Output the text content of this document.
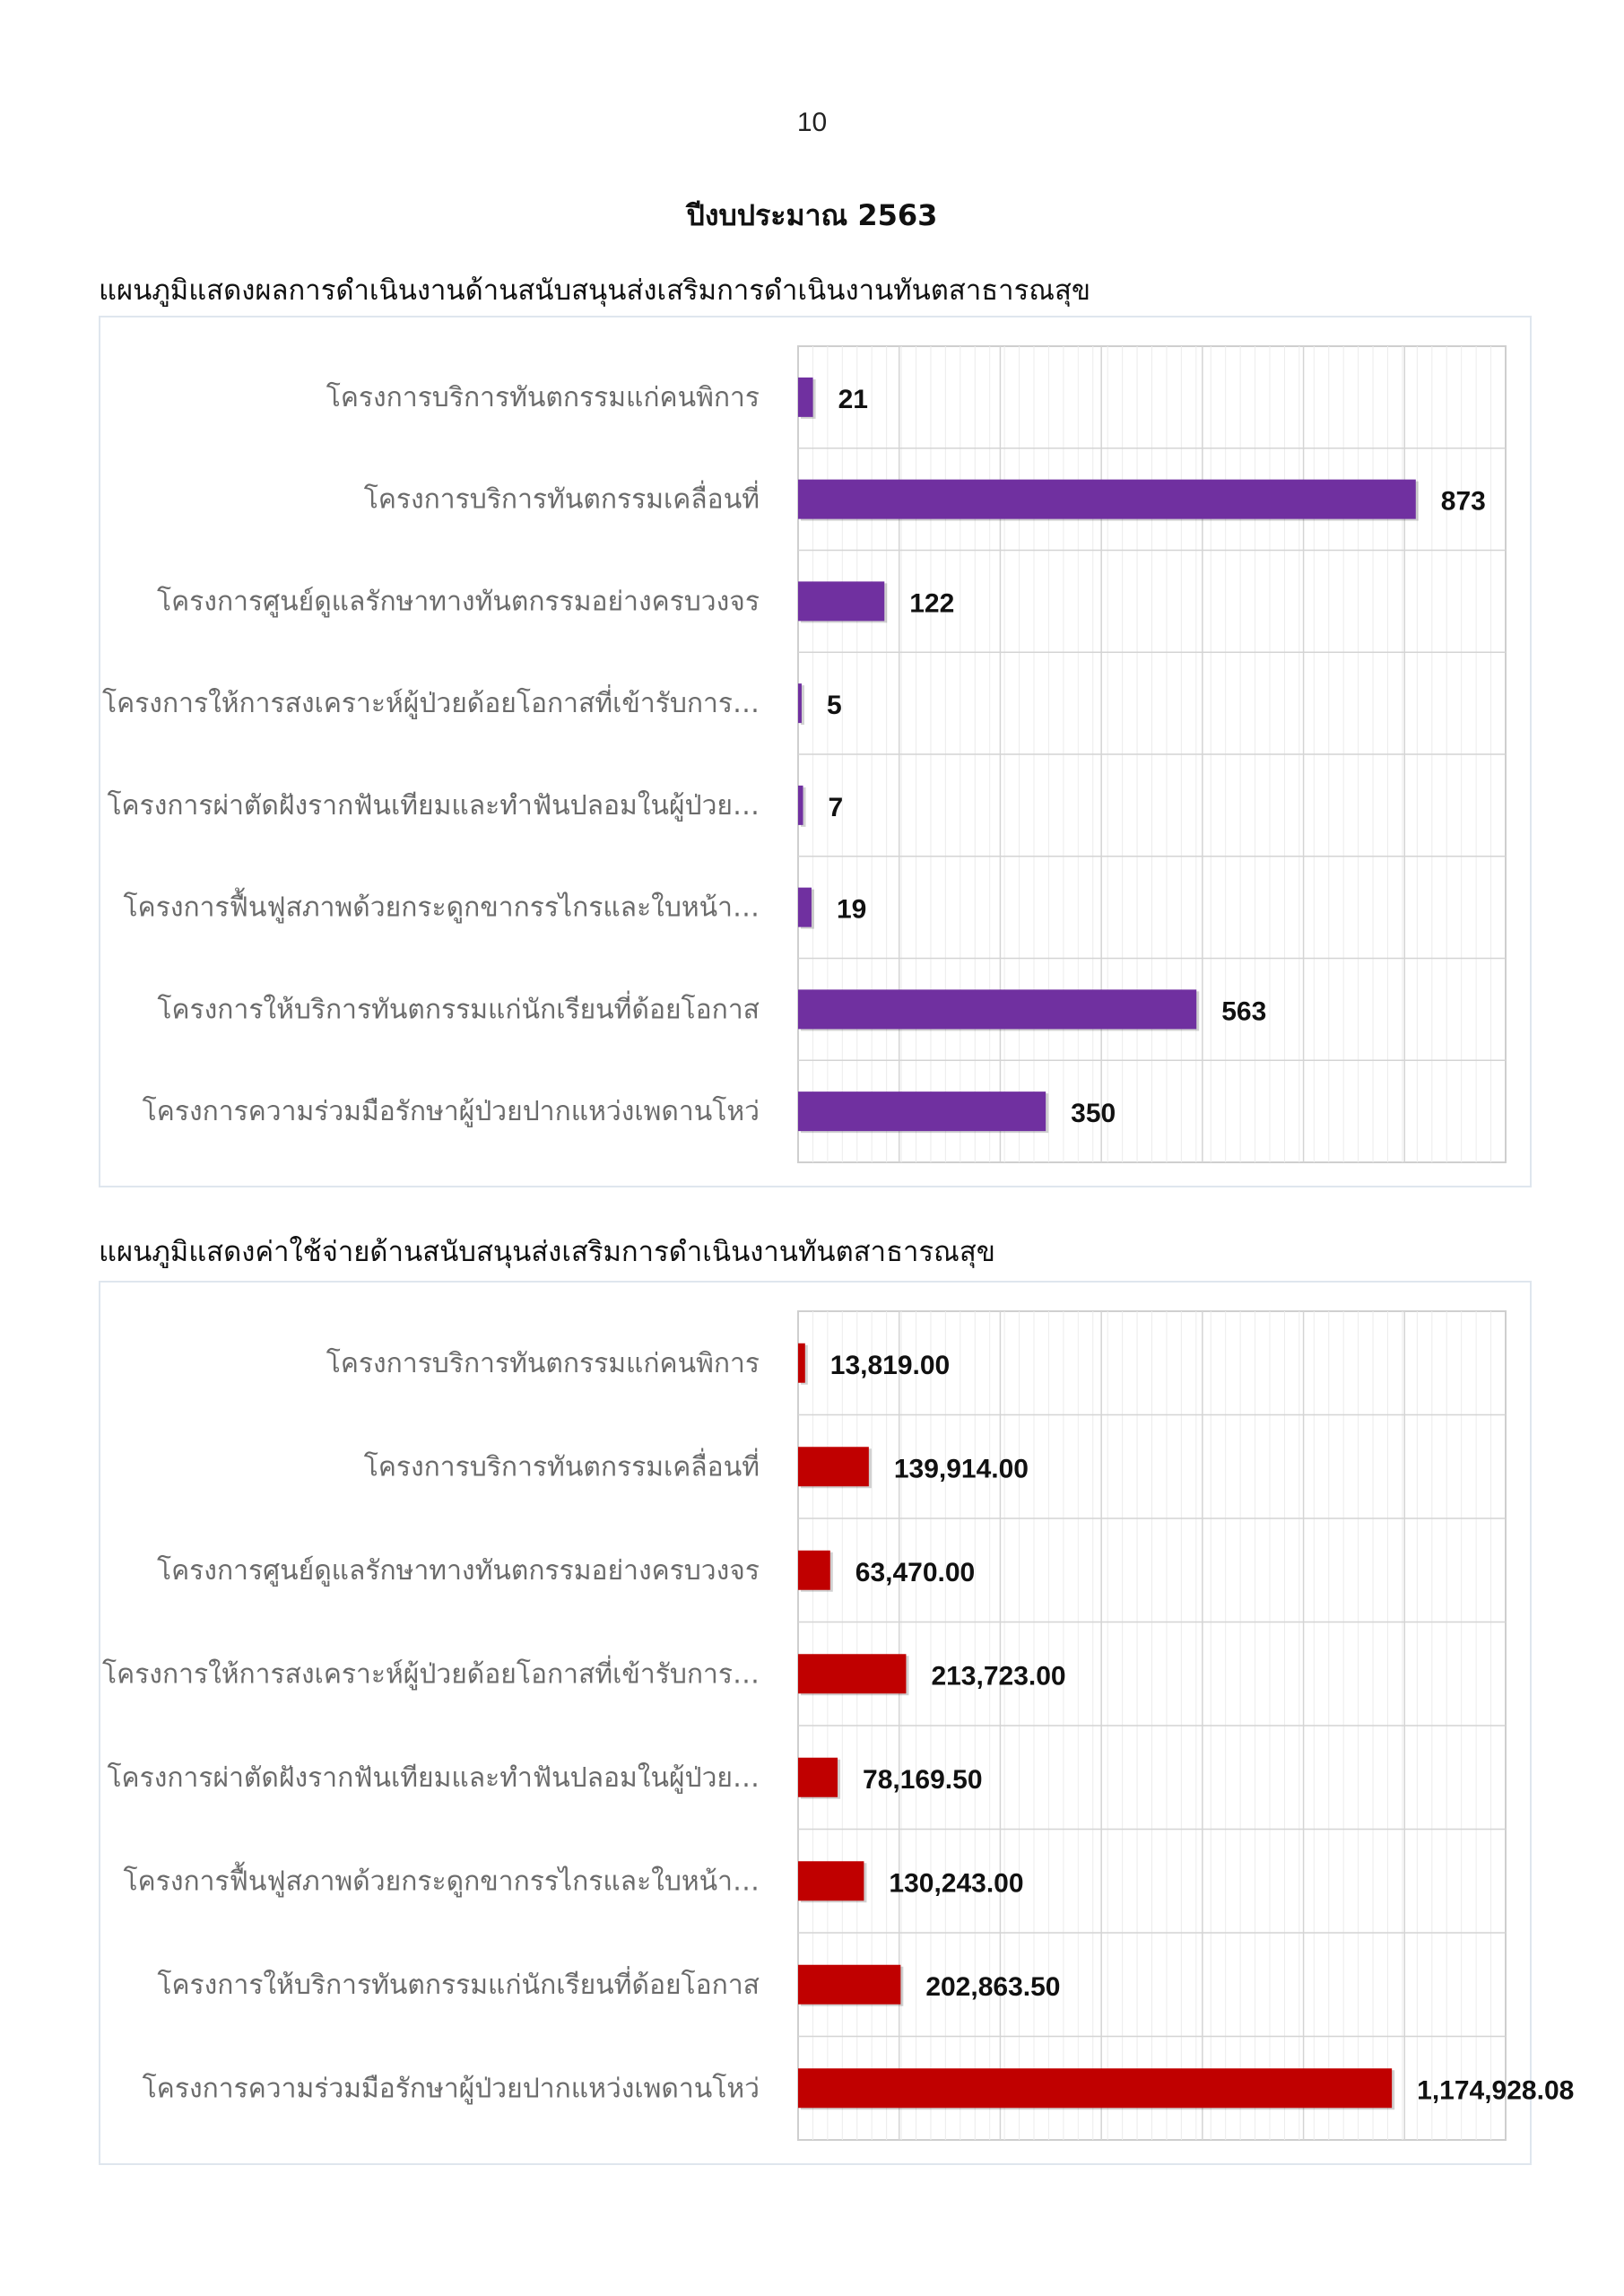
10
ปีงบประมาณ 2563
แผนภูมิแสดงผลการดำเนินงานด้านสนับสนุนส่งเสริมการดำเนินงานทันตสาธารณสุข
โครงการบริการทันตกรรมแก่คนพิการ	21
โครงการบริการทันตกรรมเคลื่อนที่	873
โครงการศูนย์ดูแลรักษาทางทันตกรรมอย่างครบวงจร	122
โครงการให้การสงเคราะห์ผู้ป่วยด้อยโอกาสที่เข้ารับการ… 5
โครงการผ่าตัดฝังรากฟันเทียมและทำฟันปลอมในผู้ป่วย…	7
โครงการฟื้นฟูสภาพด้วยกระดูกขากรรไกรและใบหน้า…	19
โครงการให้บริการทันตกรรมแก่นักเรียนที่ด้อยโอกาส	563
โครงการความร่วมมือรักษาผู้ป่วยปากแหว่งเพดานโหว่	350
แผนภูมิแสดงค่าใช้จ่ายด้านสนับสนุนส่งเสริมการดำเนินงานทันตสาธารณสุข
โครงการบริการทันตกรรมแก่คนพิการ	13,819.00
โครงการบริการทันตกรรมเคลื่อนที่	139,914.00
โครงการศูนย์ดูแลรักษาทางทันตกรรมอย่างครบวงจร	63,470.00
โครงการให้การสงเคราะห์ผู้ป่วยด้อยโอกาสที่เข้ารับการ…	213,723.00
โครงการผ่าตัดฝังรากฟันเทียมและทำฟันปลอมในผู้ป่วย…	78,169.50
โครงการฟื้นฟูสภาพด้วยกระดูกขากรรไกรและใบหน้า…	130,243.00
โครงการให้บริการทันตกรรมแก่นักเรียนที่ด้อยโอกาส	202,863.50
โครงการความร่วมมือรักษาผู้ป่วยปากแหว่งเพดานโหว่	1,174,928.08
